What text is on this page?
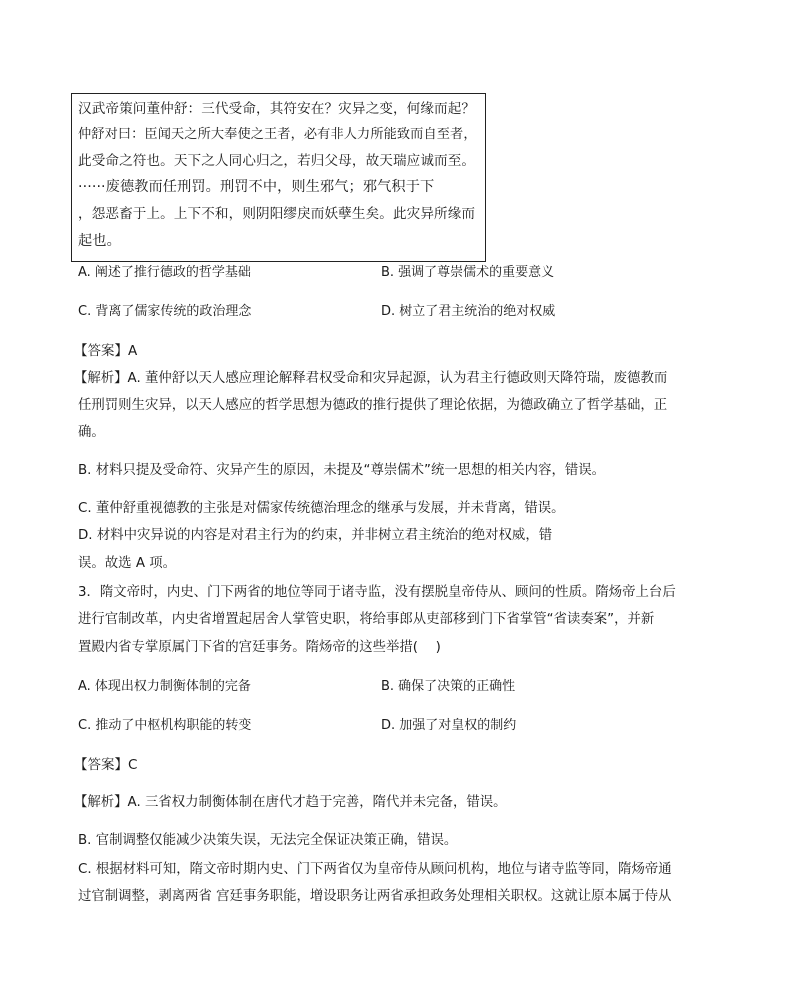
汉武帝策问董仲舒：三代受命，其符安在？灾异之变，何缘而起？
仲舒对曰：臣闻天之所大奉使之王者，必有非人力所能致而自至者，
此受命之符也。天下之人同心归之，若归父母，故天瑞应诚而至。
······废德教而任刑罚。刑罚不中，则生邪气；邪气积于下
，怨恶畜于上。上下不和，则阴阳缪戾而妖孽生矣。此灾异所缘而
起也。
A. 阐述了推行德政的哲学基础	B. 强调了尊崇儒术的重要意义
C. 背离了儒家传统的政治理念	D. 树立了君主统治的绝对权威
【答案】A
【解析】A. 董仲舒以天人感应理论解释君权受命和灾异起源，认为君主行德政则天降符瑞，废德教而
任刑罚则生灾异，以天人感应的哲学思想为德政的推行提供了理论依据，为德政确立了哲学基础，正
确。
B. 材料只提及受命符、灾异产生的原因，未提及“尊崇儒术”统一思想的相关内容，错误。
C. 董仲舒重视德教的主张是对儒家传统德治理念的继承与发展，并未背离，错误。
D. 材料中灾异说的内容是对君主行为的约束，并非树立君主统治的绝对权威，错
误。故选 A 项。
3．隋文帝时，内史、门下两省的地位等同于诸寺监，没有摆脱皇帝侍从、顾问的性质。隋炀帝上台后
进行官制改革，内史省增置起居舍人掌管史职，将给事郎从吏部移到门下省掌管“省读奏案”，并新
置殿内省专掌原属门下省的宫廷事务。隋炀帝的这些举措(　 )
A. 体现出权力制衡体制的完备	B. 确保了决策的正确性
C. 推动了中枢机构职能的转变	D. 加强了对皇权的制约
【答案】C
【解析】A. 三省权力制衡体制在唐代才趋于完善，隋代并未完备，错误。
B. 官制调整仅能减少决策失误，无法完全保证决策正确，错误。
C. 根据材料可知，隋文帝时期内史、门下两省仅为皇帝侍从顾问机构，地位与诸寺监等同，隋炀帝通
过官制调整，剥离两省 宫廷事务职能，增设职务让两省承担政务处理相关职权。这就让原本属于侍从
